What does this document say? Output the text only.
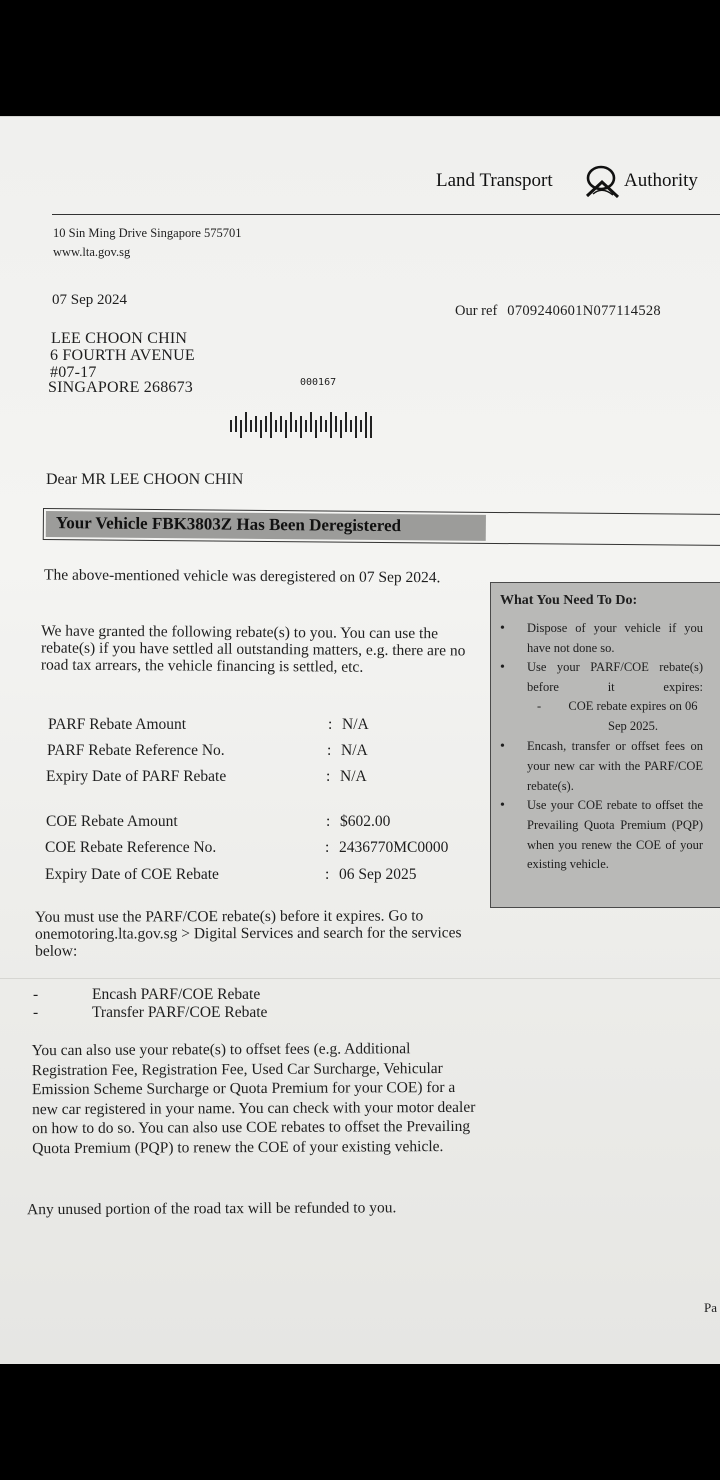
Land Transport	Authority
10 Sin Ming Drive Singapore 575701
www.lta.gov.sg
07 Sep 2024
Our ref 0709240601N077114528
LEE CHOON CHIN
6 FOURTH AVENUE
#07-17
SINGAPORE 268673	000167
Dear MR LEE CHOON CHIN
Your Vehicle FBK3803Z Has Been Deregistered
The above-mentioned vehicle was deregistered on 07 Sep 2024.
We have granted the following rebate(s) to you. You can use the rebate(s) if you have settled all outstanding matters, e.g. there are no road tax arrears, the vehicle financing is settled, etc.
PARF Rebate Amount	: N/A
PARF Rebate Reference No.	: N/A
Expiry Date of PARF Rebate	: N/A
COE Rebate Amount	: $602.00
COE Rebate Reference No.	: 2436770MC0000
Expiry Date of COE Rebate	: 06 Sep 2025
You must use the PARF/COE rebate(s) before it expires. Go to onemotoring.lta.gov.sg > Digital Services and search for the services below:
-	Encash PARF/COE Rebate
-	Transfer PARF/COE Rebate
You can also use your rebate(s) to offset fees (e.g. Additional Registration Fee, Registration Fee, Used Car Surcharge, Vehicular Emission Scheme Surcharge or Quota Premium for your COE) for a new car registered in your name. You can check with your motor dealer on how to do so. You can also use COE rebates to offset the Prevailing Quota Premium (PQP) to renew the COE of your existing vehicle.
Any unused portion of the road tax will be refunded to you.
What You Need To Do:
• Dispose of your vehicle if you have not done so.
• Use your PARF/COE rebate(s) before it expires:
-	COE rebate expires on 06 Sep 2025.
• Encash, transfer or offset fees on your new car with the PARF/COE rebate(s).
• Use your COE rebate to offset the Prevailing Quota Premium (PQP) when you renew the COE of your existing vehicle.
Pa
